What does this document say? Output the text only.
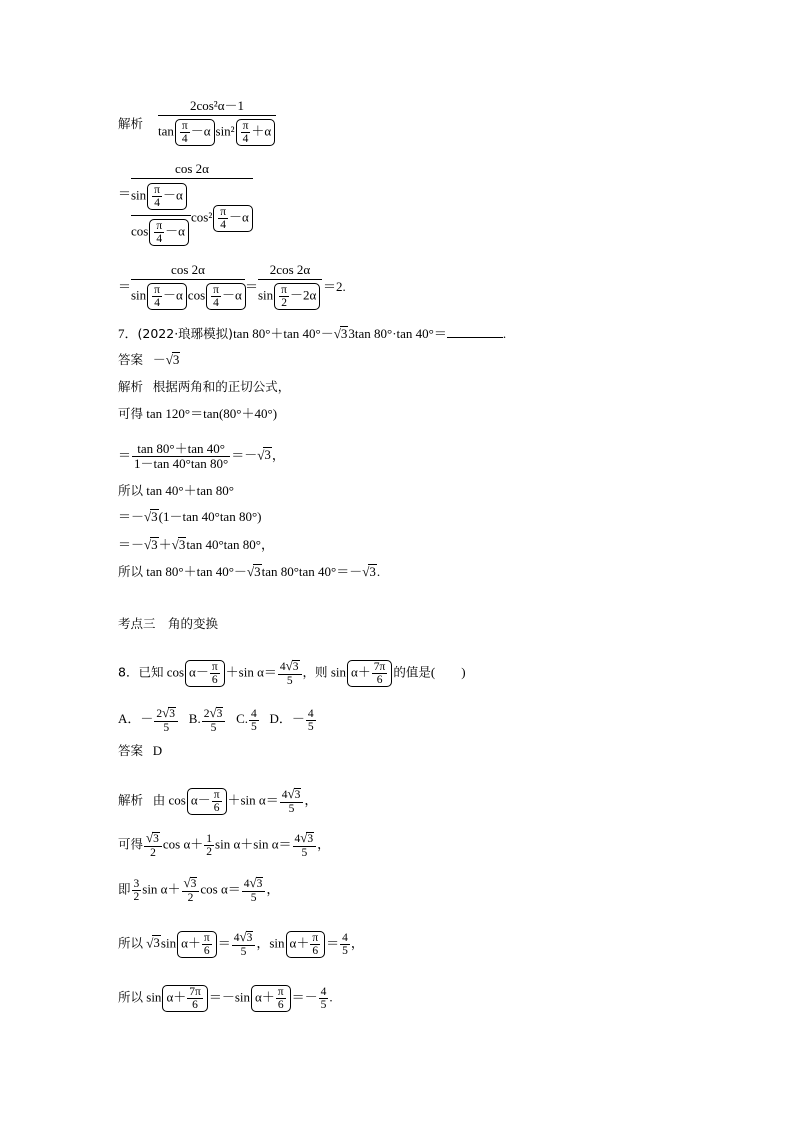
解析
2cos²α－1
$\tan \frac{\pi}{4} -\alpha$ $\sin^2 \frac{\pi}{4} +\alpha$
＝
cos 2α
$\sin \frac{\pi}{4} -\alpha$
$\cos \frac{\pi}{4} -\alpha$
$\cos^2 \frac{\pi}{4} -\alpha$
＝
cos 2α
$\sin \frac{\pi}{4} -\alpha$ $\cos \frac{\pi}{4} -\alpha$
＝
2cos 2α
$\sin \frac{\pi}{2} -2\alpha$
＝2.
7．(2022·琅琊模拟)tan 80°＋tan 40°－√33tan 80°·tan 40°＝	.
答案 －√3
解析 根据两角和的正切公式，
可得 tan 120°＝tan(80°＋40°)
＝ $\frac{\tan 80^\circ+\tan 40^\circ}{1-\tan 40^\circ\tan 80^\circ} =-√3$，
所以 tan 40°＋tan 80°
＝－√3(1－tan 40°tan 80°)
＝－√3＋√3tan 40°tan 80°，
所以 tan 80°＋tan 40°－√3tan 80°tan 40°＝－√3.
考点三　角的变换
8．已知 $\cos \alpha- \frac{\pi}{6} +\sin$ $\alpha= \frac{4√3}{5}$ ，则 $\sin \alpha+ \frac{7\pi}{6}$ 的值是(　　)
A．－ $\frac{2√3}{5} B$. $\frac{2√3}{5} C$. $\frac{4}{5}$ D．－ $\frac{4}{5}$
答案 D
解析 由 $\cos \alpha- \frac{\pi}{6} +\sin$ $\alpha= \frac{4√3}{5}$ ，
可得 $\frac{√3}{2}$ $\cos \alpha+ \frac{1}{2}$ sin α＋sin $\alpha= \frac{4√3}{5}$ ，
即 $\frac{3}{2}$ $\sin \alpha+ \frac{√3}{2}$ $\cos \alpha= \frac{4√3}{5}$ ，
所以 √3sin $\alpha+ \frac{\pi}{6} = \frac{4√3}{5}$ ，$\sin \alpha+ \frac{\pi}{6} = \frac{4}{5}$ ，
所以 $\sin \alpha+ \frac{7\pi}{6} =-\sin$ $\alpha+ \frac{\pi}{6} =- \frac{4}{5}$ .
